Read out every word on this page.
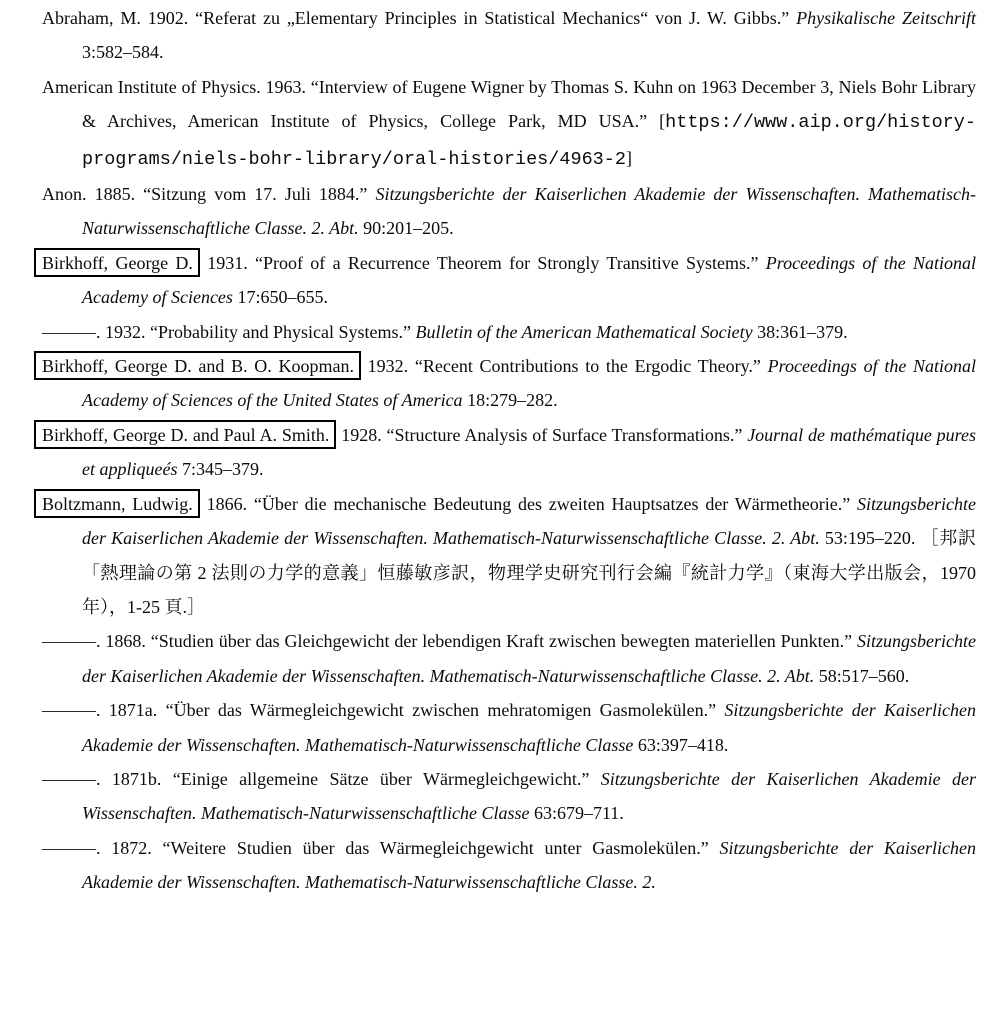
Abraham, M. 1902. “Referat zu „Elementary Principles in Statistical Mechanics“ von J. W. Gibbs.” Physikalische Zeitschrift 3:582–584.

American Institute of Physics. 1963. “Interview of Eugene Wigner by Thomas S. Kuhn on 1963 December 3, Niels Bohr Library & Archives, American Institute of Physics, College Park, MD USA.” [https://www.aip.org/history-programs/niels-bohr-library/oral-histories/4963-2]

Anon. 1885. “Sitzung vom 17. Juli 1884.” Sitzungsberichte der Kaiserlichen Akademie der Wissenschaften. Mathematisch-Naturwissenschaftliche Classe. 2. Abt. 90:201–205.

Birkhoff, George D. 1931. “Proof of a Recurrence Theorem for Strongly Transitive Systems.” Proceedings of the National Academy of Sciences 17:650–655.

———. 1932. “Probability and Physical Systems.” Bulletin of the American Mathematical Society 38:361–379.

Birkhoff, George D. and B. O. Koopman. 1932. “Recent Contributions to the Ergodic Theory.” Proceedings of the National Academy of Sciences of the United States of America 18:279–282.

Birkhoff, George D. and Paul A. Smith. 1928. “Structure Analysis of Surface Transformations.” Journal de mathématique pures et appliqueés 7:345–379.

Boltzmann, Ludwig. 1866. “Über die mechanische Bedeutung des zweiten Hauptsatzes der Wärmetheorie.” Sitzungsberichte der Kaiserlichen Akademie der Wissenschaften. Mathematisch-Naturwissenschaftliche Classe. 2. Abt. 53:195–220. ［邦訳「熱理論の第 2 法則の力学的意義」恒藤敏彦訳，物理学史研究刊行会編『統計力学』（東海大学出版会，1970 年），1-25 頁.］

———. 1868. “Studien über das Gleichgewicht der lebendigen Kraft zwischen bewegten materiellen Punkten.” Sitzungsberichte der Kaiserlichen Akademie der Wissenschaften. Mathematisch-Naturwissenschaftliche Classe. 2. Abt. 58:517–560.

———. 1871a. “Über das Wärmegleichgewicht zwischen mehratomigen Gasmolekülen.” Sitzungsberichte der Kaiserlichen Akademie der Wissenschaften. Mathematisch-Naturwissenschaftliche Classe 63:397–418.

———. 1871b. “Einige allgemeine Sätze über Wärmegleichgewicht.” Sitzungsberichte der Kaiserlichen Akademie der Wissenschaften. Mathematisch-Naturwissenschaftliche Classe 63:679–711.

———. 1872. “Weitere Studien über das Wärmegleichgewicht unter Gasmolekülen.” Sitzungsberichte der Kaiserlichen Akademie der Wissenschaften. Mathematisch-Naturwissenschaftliche Classe. 2.
